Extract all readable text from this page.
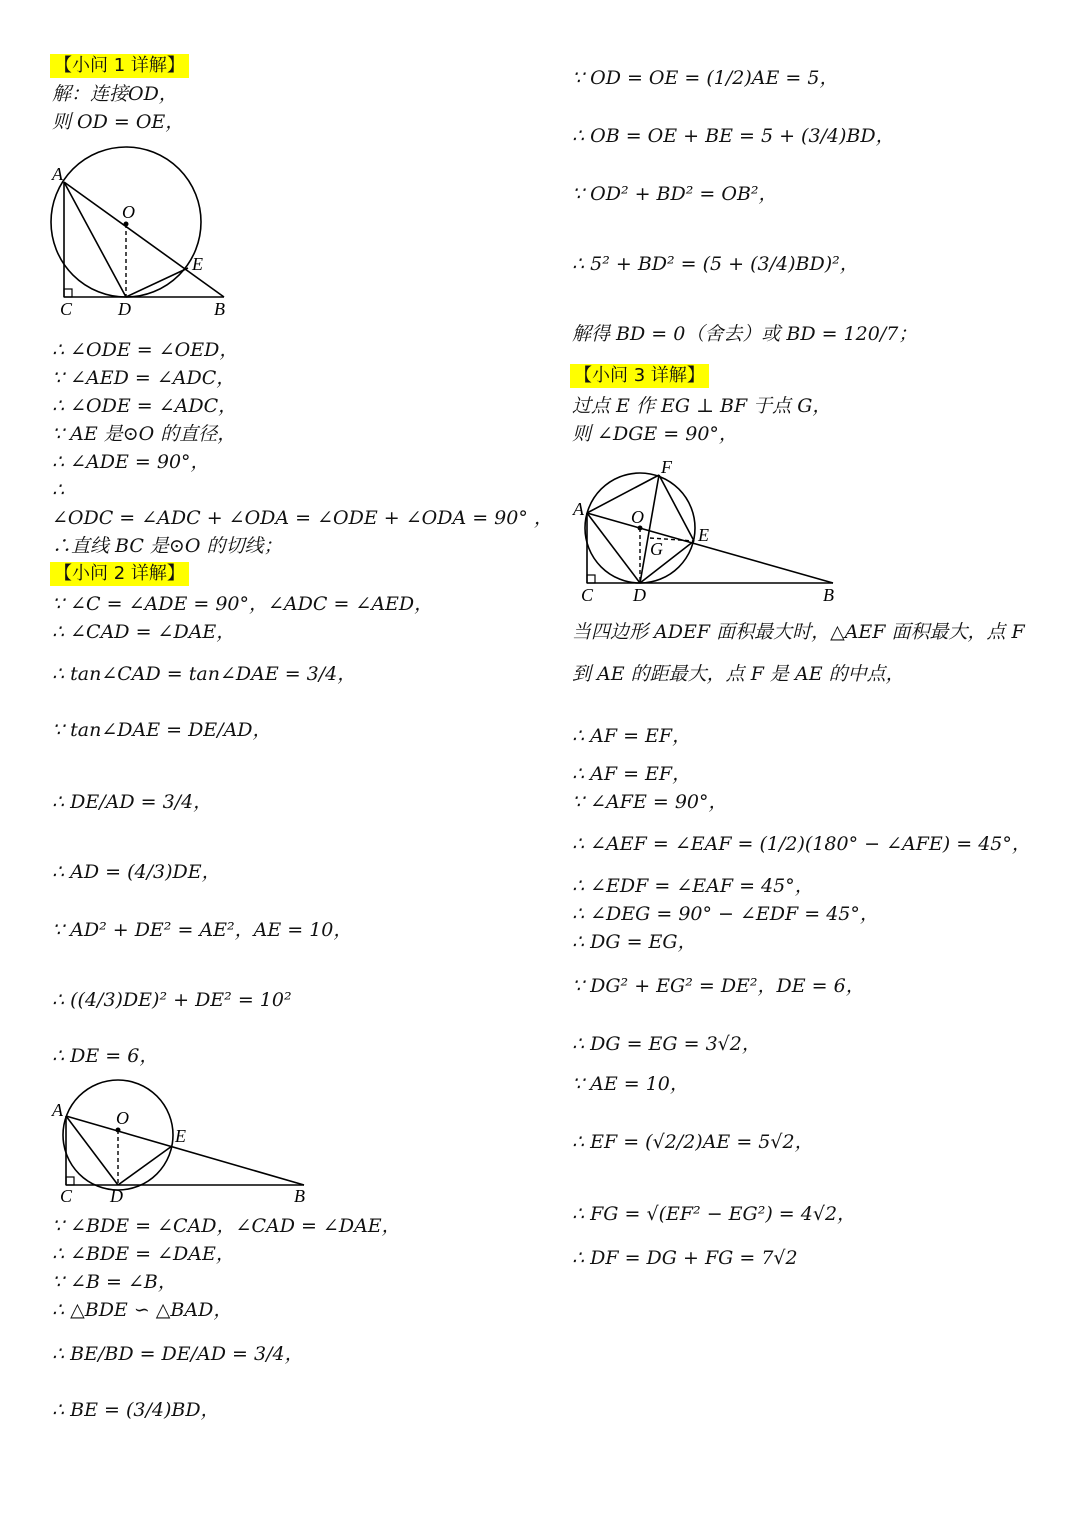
【小问 1 详解】
解：连接OD，
则 OD = OE，
A
O
E
C	D	B
∴ ∠ODE = ∠OED，
∵ ∠AED = ∠ADC，
∴ ∠ODE = ∠ADC，
∵ AE 是⊙O 的直径，
∴ ∠ADE = 90°，
∴
∠ODC = ∠ADC + ∠ODA = ∠ODE + ∠ODA = 90° ，
∴直线 BC 是⊙O 的切线；
【小问 2 详解】
∵ ∠C = ∠ADE = 90°，∠ADC = ∠AED，
∴ ∠CAD = ∠DAE，
∴ tan∠CAD = tan∠DAE = 3/4，
∵ tan∠DAE = DE/AD，
∴ DE/AD = 3/4，
∴ AD = (4/3)DE，
∵ AD² + DE² = AE²，AE = 10，
∴ ((4/3)DE)² + DE² = 10²
∴ DE = 6，
A	O
E
C D	B
∵ ∠BDE = ∠CAD，∠CAD = ∠DAE，
∴ ∠BDE = ∠DAE，
∵ ∠B = ∠B，
∴ △BDE ∽ △BAD，
∴ BE/BD = DE/AD = 3/4，
∴ BE = (3/4)BD，
∵ OD = OE = (1/2)AE = 5，
∴ OB = OE + BE = 5 + (3/4)BD，
∵ OD² + BD² = OB²，
∴ 5² + BD² = (5 + (3/4)BD)²，
解得 BD = 0（舍去）或 BD = 120/7；
【小问 3 详解】
过点 E 作 EG ⊥ BF 于点 G，
则 ∠DGE = 90°，
F
A	O
E
G
C D	B
当四边形 ADEF 面积最大时，△AEF 面积最大，点 F
到 AE 的距最大，点 F 是 AE 的中点，
∴ AF = EF，
∴ AF = EF，
∵ ∠AFE = 90°，
∴ ∠AEF = ∠EAF = (1/2)(180° − ∠AFE) = 45°，
∴ ∠EDF = ∠EAF = 45°，
∴ ∠DEG = 90° − ∠EDF = 45°，
∴ DG = EG，
∵ DG² + EG² = DE²，DE = 6，
∴ DG = EG = 3√2，
∵ AE = 10，
∴ EF = (√2/2)AE = 5√2，
∴ FG = √(EF² − EG²) = 4√2，
∴ DF = DG + FG = 7√2
